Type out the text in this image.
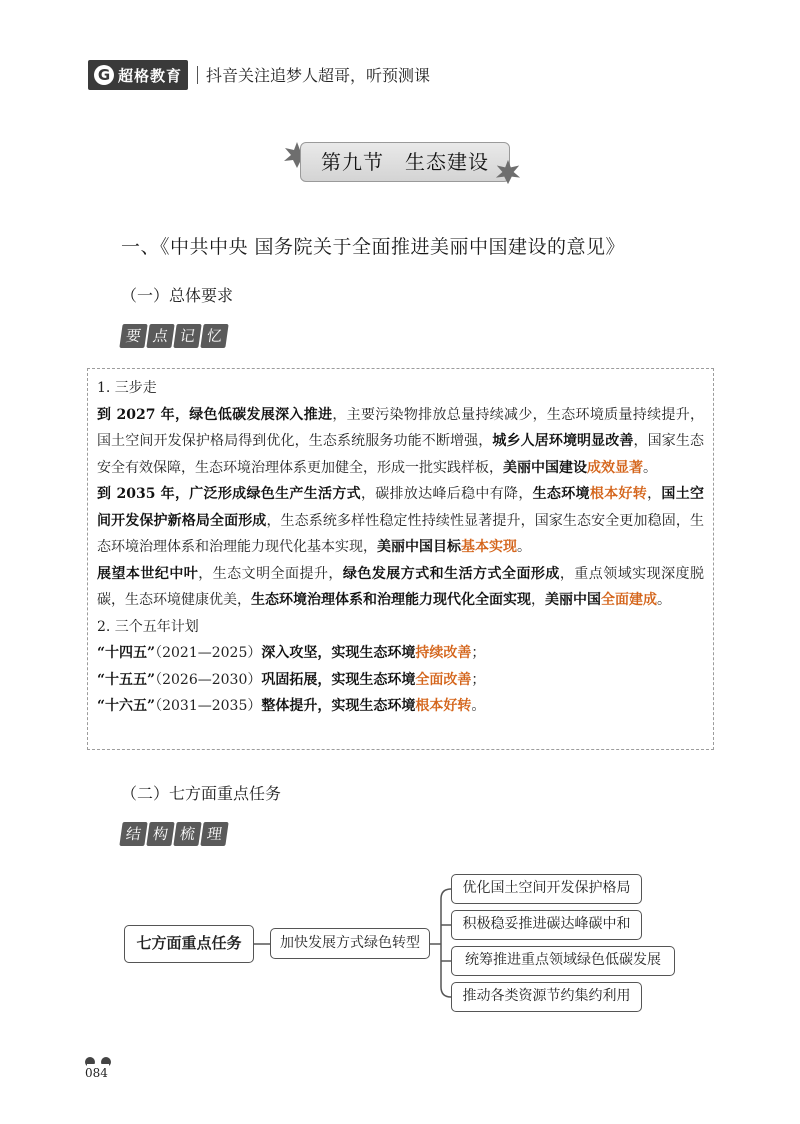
G 超格教育 抖音关注追梦人超哥，听预测课
第九节　生态建设
一、《中共中央 国务院关于全面推进美丽中国建设的意见》
（一）总体要求
要 点 记 忆

1. 三步走

到 2027 年，绿色低碳发展深入推进，主要污染物排放总量持续减少，生态环境质量持续提升，国土空间开发保护格局得到优化，生态系统服务功能不断增强，城乡人居环境明显改善，国家生态安全有效保障，生态环境治理体系更加健全，形成一批实践样板，美丽中国建设成效显著。

到 2035 年，广泛形成绿色生产生活方式，碳排放达峰后稳中有降，生态环境根本好转，国土空间开发保护新格局全面形成，生态系统多样性稳定性持续性显著提升，国家生态安全更加稳固，生态环境治理体系和治理能力现代化基本实现，美丽中国目标基本实现。

展望本世纪中叶，生态文明全面提升，绿色发展方式和生活方式全面形成，重点领域实现深度脱碳，生态环境健康优美，生态环境治理体系和治理能力现代化全面实现，美丽中国全面建成。

2. 三个五年计划

“十四五”（2021—2025）深入攻坚，实现生态环境持续改善；

“十五五”（2026—2030）巩固拓展，实现生态环境全面改善；

“十六五”（2031—2035）整体提升，实现生态环境根本好转。

（二）七方面重点任务
结 构 梳 理
七方面重点任务	加快发展方式绿色转型
优化国土空间开发保护格局
积极稳妥推进碳达峰碳中和
统筹推进重点领域绿色低碳发展
推动各类资源节约集约利用
084
